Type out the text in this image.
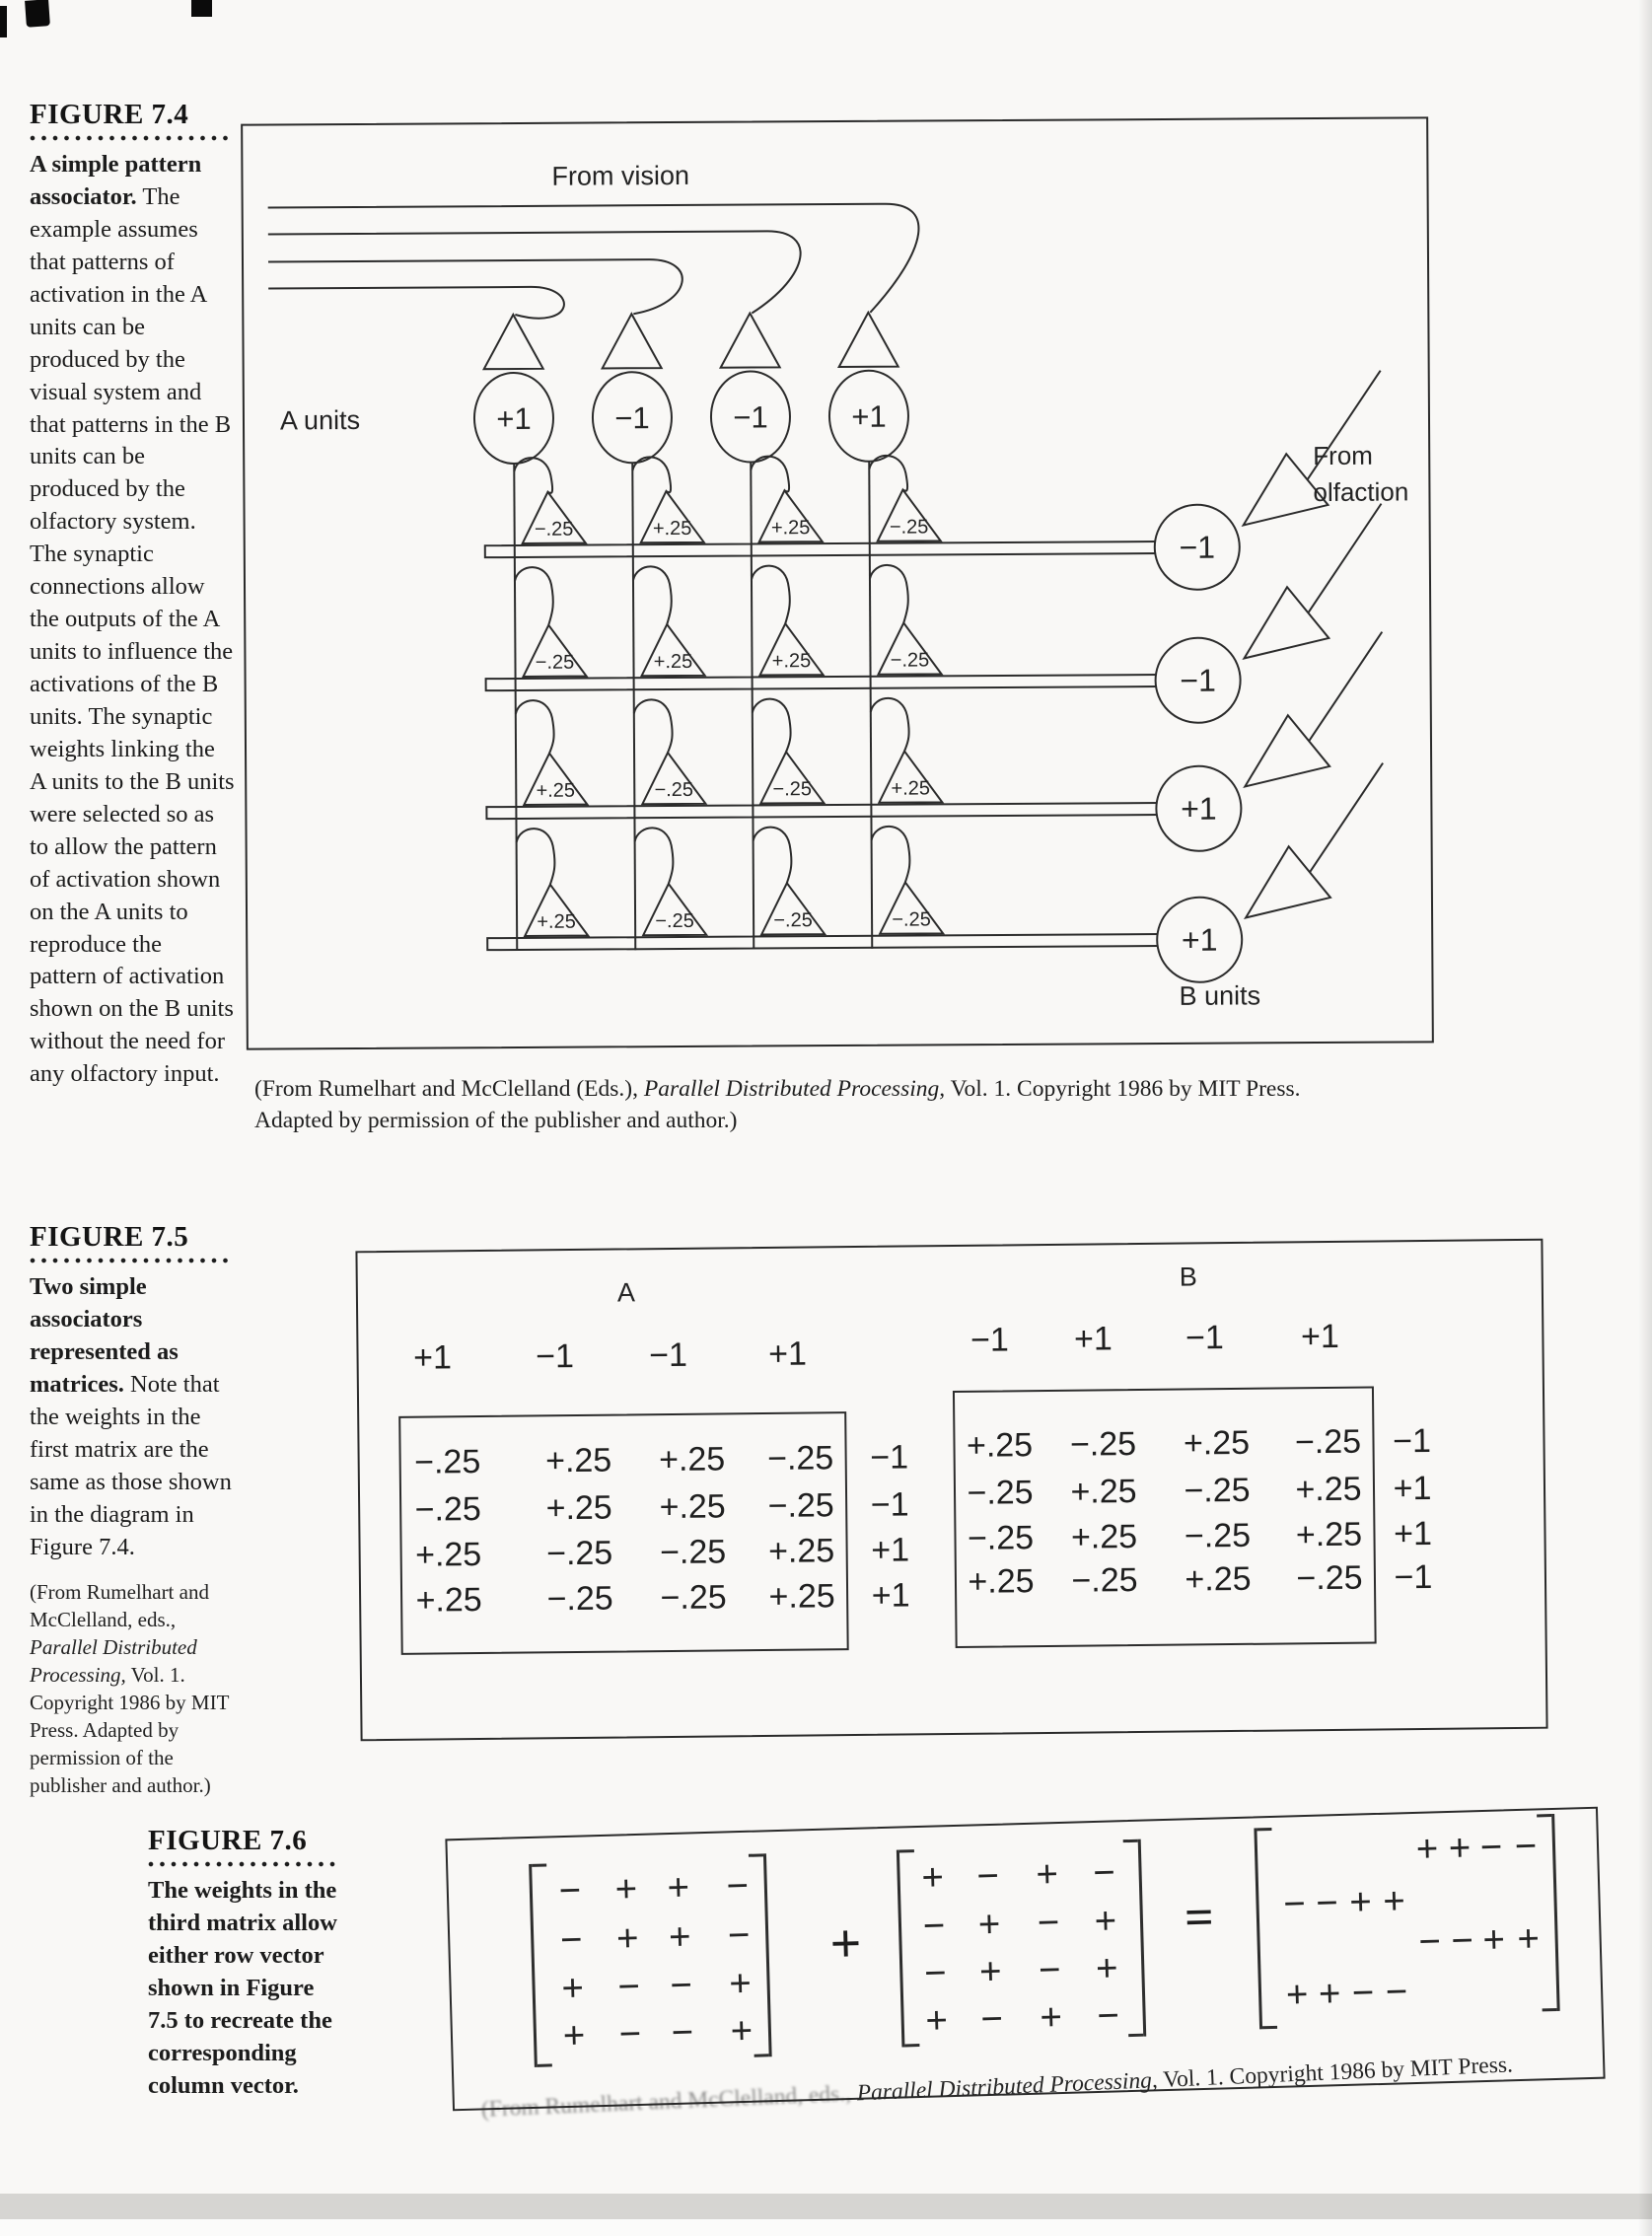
FIGURE 7.4
A simple pattern associator. The example assumes that patterns of activation in the A units can be produced by the visual system and that patterns in the B units can be produced by the olfactory system. The synaptic connections allow the outputs of the A units to influence the activations of the B units. The synaptic weights linking the A units to the B units were selected so as to allow the pattern of activation shown on the A units to reproduce the pattern of activation shown on the B units without the need for any olfactory input.
+1	−1	−1	+1
−.25	+.25	+.25	−.25
−1
−.25	+.25	+.25	−.25
−1
+.25	−.25	−.25	+.25
+1
+.25	−.25	−.25	−.25
+1
From vision
A units
B units
From
olfaction
(From Rumelhart and McClelland (Eds.), Parallel Distributed Processing, Vol. 1. Copyright 1986 by MIT Press.
Adapted by permission of the publisher and author.)
FIGURE 7.5
Two simple associators represented as matrices. Note that the weights in the first matrix are the same as those shown in the diagram in Figure 7.4.
(From Rumelhart and McClelland, eds., Parallel Distributed Processing, Vol. 1. Copyright 1986 by MIT Press. Adapted by permission of the publisher and author.)
A
B
+1	−1	−1	+1
−.25	+.25	+.25	−.25	−1
−.25	+.25	+.25	−.25	−1
+.25	−.25	−.25	+.25	+1
+.25	−.25	−.25	+.25	+1
−1	+1	−1	+1
+.25	−.25	+.25	−.25 −1
−.25	+.25	−.25	+.25 +1
−.25	+.25	−.25	+.25 +1
+.25	−.25	+.25	−.25 −1
FIGURE 7.6
The weights in the third matrix allow either row vector shown in Figure 7.5 to recreate the corresponding column vector.
+	=
− + + −
− + + −
+ − − +
+ − − +
+ − + −
− + − +
− + − +
+ − + −
+ + − −
− − + +
− − + +
+ + − −
(From Rumelhart and McClelland, eds., Parallel Distributed Processing, Vol. 1. Copyright 1986 by MIT Press.
